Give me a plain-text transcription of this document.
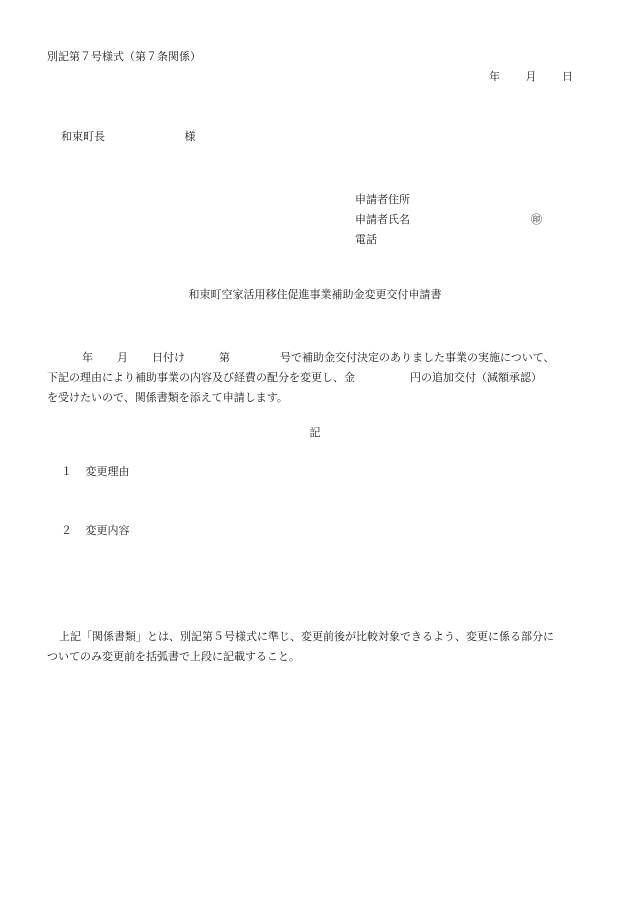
別記第７号様式（第７条関係）
年 月 日
和束町長	様
申請者住所
申請者氏名	㊞
電話
和束町空家活用移住促進事業補助金変更交付申請書
年 月 日付け	第	号で補助金交付決定のありました事業の実施について、
下記の理由により補助事業の内容及び経費の配分を変更し、金	円の追加交付（減額承認）
を受けたいので、関係書類を添えて申請します。
記
１ 変更理由
２ 変更内容
上記「関係書類」とは、別記第５号様式に準じ、変更前後が比較対象できるよう、変更に係る部分に
ついてのみ変更前を括弧書で上段に記載すること。
